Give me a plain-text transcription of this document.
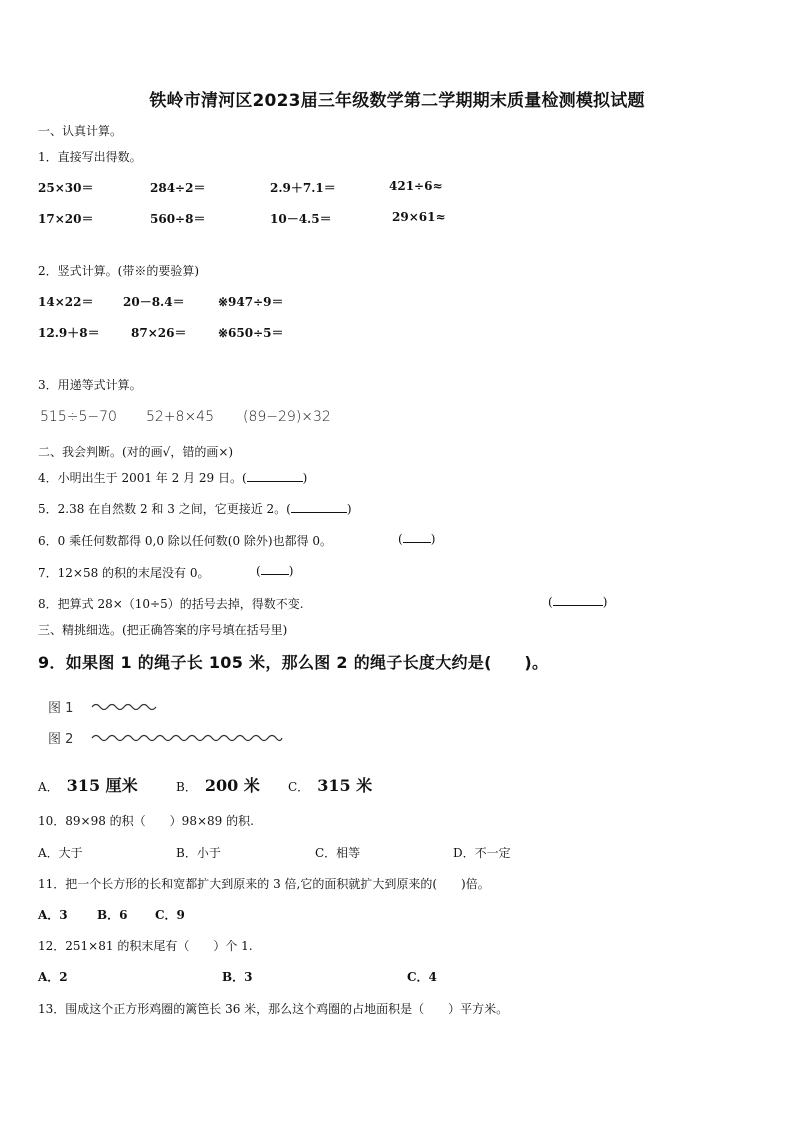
铁岭市清河区2023届三年级数学第二学期期末质量检测模拟试题
一、认真计算。
1．直接写出得数。
25×30＝	284÷2＝	2.9＋7.1＝	421÷6≈
17×20＝	560÷8＝	10－4.5＝	29×61≈
2．竖式计算。(带※的要验算)
14×22＝ 20－8.4＝	※947÷9＝
12.9＋8＝	87×26＝	※650÷5＝
3．用递等式计算。
515÷5−70 52+8×45 (89−29)×32
二、我会判断。(对的画√，错的画×)
4．小明出生于 2001 年 2 月 29 日。(	)
5．2.38 在自然数 2 和 3 之间，它更接近 2。(	)
6．0 乘任何数都得 0,0 除以任何数(0 除外)也都得 0。	( )
7．12×58 的积的末尾没有 0。	( )
8．把算式 28×（10÷5）的括号去掉，得数不变.	(	)
三、精挑细选。(把正确答案的序号填在括号里)
9．如果图 1 的绳子长 105 米，那么图 2 的绳子长度大约是(　　)。
图 1
图 2
A． 315 厘米	B． 200 米 C． 315 米
10．89×98 的积（　　）98×89 的积.
A．大于	B．小于	C．相等	D．不一定
11．把一个长方形的长和宽都扩大到原来的 3 倍,它的面积就扩大到原来的(　　)倍。
A．3 B．6 C．9
12．251×81 的积末尾有（　　）个 1.
A．2	B．3	C．4
13．围成这个正方形鸡圈的篱笆长 36 米，那么这个鸡圈的占地面积是（　　）平方米。
